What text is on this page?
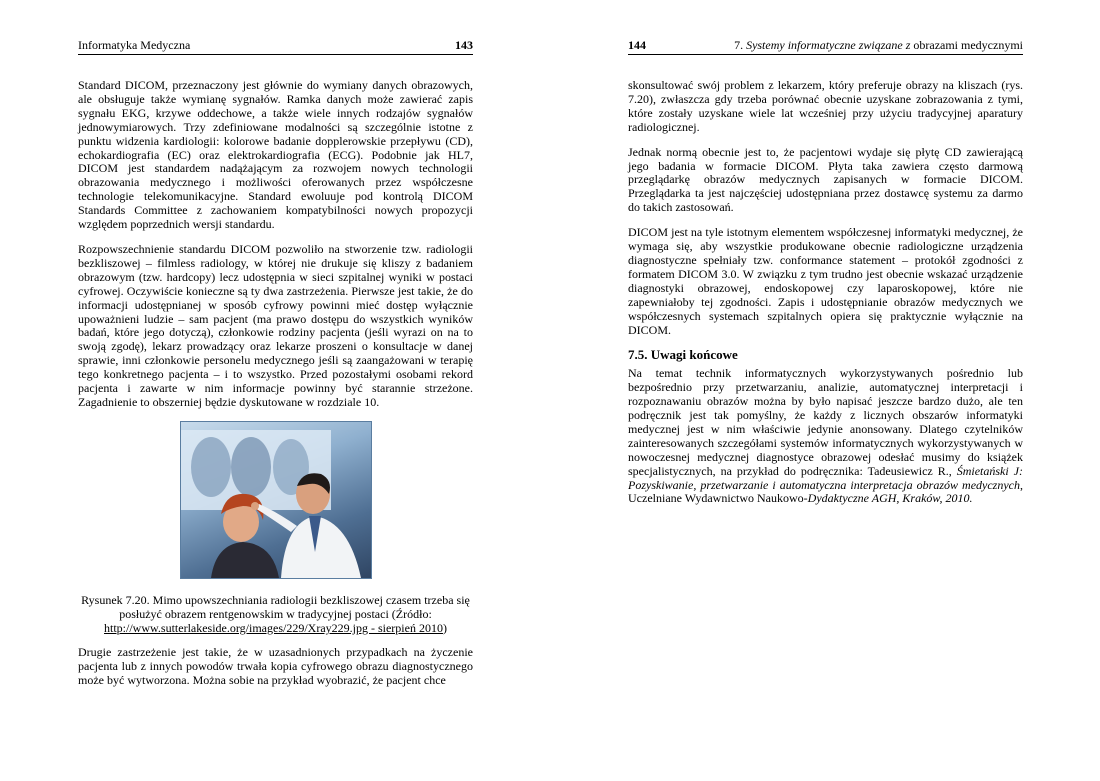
Informatyka Medyczna	143

Standard DICOM, przeznaczony jest głównie do wymiany danych obrazowych, ale obsługuje także wymianę sygnałów. Ramka danych może zawierać zapis sygnału EKG, krzywe oddechowe, a także wiele innych rodzajów sygnałów jednowymiarowych. Trzy zdefiniowane modalności są szczególnie istotne z punktu widzenia kardiologii: kolorowe badanie dopplerowskie przepływu (CD), echokardiografia (EC) oraz elektrokardiografia (ECG). Podobnie jak HL7, DICOM jest standardem nadążającym za rozwojem nowych technologii obrazowania medycznego i możliwości oferowanych przez współczesne technologie telekomunikacyjne. Standard ewoluuje pod kontrolą DICOM Standards Committee z zachowaniem kompatybilności nowych propozycji względem poprzednich wersji standardu.

Rozpowszechnienie standardu DICOM pozwoliło na stworzenie tzw. radiologii bezkliszowej – filmless radiology, w której nie drukuje się kliszy z badaniem obrazowym (tzw. hardcopy) lecz udostępnia w sieci szpitalnej wyniki w postaci cyfrowej. Oczywiście konieczne są ty dwa zastrzeżenia. Pierwsze jest takie, że do informacji udostępnianej w sposób cyfrowy powinni mieć dostęp wyłącznie upoważnieni ludzie – sam pacjent (ma prawo dostępu do wszystkich wyników badań, które jego dotyczą), członkowie rodziny pacjenta (jeśli wyrazi on na to swoją zgodę), lekarz prowadzący oraz lekarze proszeni o konsultacje w danej sprawie, inni członkowie personelu medycznego jeśli są zaangażowani w terapię tego konkretnego pacjenta – i to wszystko. Przed pozostałymi osobami rekord pacjenta i zawarte w nim informacje powinny być starannie strzeżone. Zagadnienie to obszerniej będzie dyskutowane w rozdziale 10.

Rysunek 7.20. Mimo upowszechniania radiologii bezkliszowej czasem trzeba się posłużyć obrazem rentgenowskim w tradycyjnej postaci (Źródło:
http://www.sutterlakeside.org/images/229/Xray229.jpg - sierpień 2010)

Drugie zastrzeżenie jest takie, że w uzasadnionych przypadkach na życzenie pacjenta lub z innych powodów trwała kopia cyfrowego obrazu diagnostycznego może być wytworzona. Można sobie na przykład wyobrazić, że pacjent chce

144	7. Systemy informatyczne związane z obrazami medycznymi

skonsultować swój problem z lekarzem, który preferuje obrazy na kliszach (rys. 7.20), zwłaszcza gdy trzeba porównać obecnie uzyskane zobrazowania z tymi, które zostały uzyskane wiele lat wcześniej przy użyciu tradycyjnej aparatury radiologicznej.

Jednak normą obecnie jest to, że pacjentowi wydaje się płytę CD zawierającą jego badania w formacie DICOM. Płyta taka zawiera często darmową przeglądarkę obrazów medycznych zapisanych w formacie DICOM. Przeglądarka ta jest najczęściej udostępniana przez dostawcę systemu za darmo do takich zastosowań.

DICOM jest na tyle istotnym elementem współczesnej informatyki medycznej, że wymaga się, aby wszystkie produkowane obecnie radiologiczne urządzenia diagnostyczne spełniały tzw. conformance statement – protokół zgodności z formatem DICOM 3.0. W związku z tym trudno jest obecnie wskazać urządzenie diagnostyki obrazowej, endoskopowej czy laparoskopowej, które nie zapewniałoby tej zgodności. Zapis i udostępnianie obrazów medycznych we współczesnych systemach szpitalnych opiera się praktycznie wyłącznie na DICOM.

7.5. Uwagi końcowe

Na temat technik informatycznych wykorzystywanych pośrednio lub bezpośrednio przy przetwarzaniu, analizie, automatycznej interpretacji i rozpoznawaniu obrazów można by było napisać jeszcze bardzo dużo, ale ten podręcznik jest tak pomyślny, że każdy z licznych obszarów informatyki medycznej jest w nim właściwie jedynie anonsowany. Dlatego czytelników zainteresowanych szczegółami systemów informatycznych wykorzystywanych w nowoczesnej medycznej diagnostyce obrazowej odesłać musimy do książek specjalistycznych, na przykład do podręcznika: Tadeusiewicz R., Śmietański J: Pozyskiwanie, przetwarzanie i automatyczna interpretacja obrazów medycznych, Uczelniane Wydawnictwo Naukowo-Dydaktyczne AGH, Kraków, 2010.
